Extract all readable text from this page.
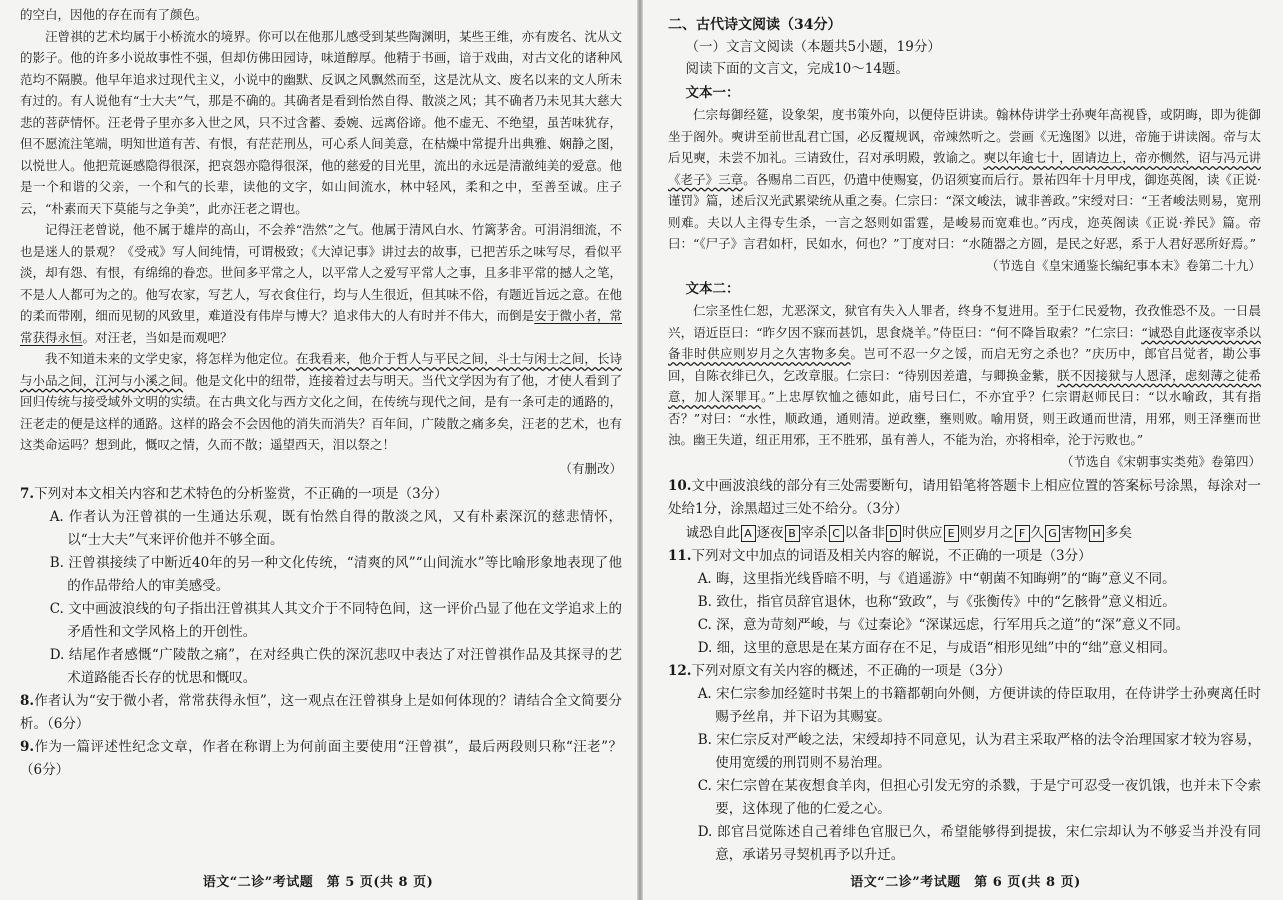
的空白，因他的存在而有了颜色。

汪曾祺的艺术均属于小桥流水的境界。你可以在他那儿感受到某些陶渊明，某些王维，亦有废名、沈从文的影子。他的许多小说故事性不强，但却仿佛田园诗，味道醇厚。他精于书画，谙于戏曲，对古文化的诸种风范均不隔膜。他早年追求过现代主义，小说中的幽默、反讽之风飘然而至，这是沈从文、废名以来的文人所未有过的。有人说他有“士大夫”气，那是不确的。其确者是看到怡然自得、散淡之风；其不确者乃未见其大慈大悲的菩萨情怀。汪老骨子里亦多入世之风，只不过含蓄、委婉、远离俗谛。他不虚无、不绝望，虽苦味犹存，但不愿流注笔端，明知世道有苦、有恨，有茫茫刑丛，可心系人间美意，在枯燥中常提升出典雅、娴静之图，以悦世人。他把荒诞感隐得很深，把哀怨亦隐得很深，他的慈爱的目光里，流出的永远是清澈纯美的爱意。他是一个和谐的父亲，一个和气的长辈，读他的文字，如山间流水，林中轻风，柔和之中，至善至诚。庄子云，“朴素而天下莫能与之争美”，此亦汪老之谓也。

记得汪老曾说，他不属于雄岸的高山，不会养“浩然”之气。他属于清风白水、竹篱茅舍。可涓涓细流，不也是迷人的景观？《受戒》写人间纯情，可谓极致；《大淖记事》讲过去的故事，已把苦乐之味写尽，看似平淡，却有怨、有恨，有绵绵的眷恋。世间多平常之人，以平常人之爱写平常人之事，且多非平常的撼人之笔，不是人人都可为之的。他写农家，写艺人，写衣食住行，均与人生很近，但其味不俗，有题近旨远之意。在他的柔而带刚，细而见韧的风致里，难道没有伟岸与博大？追求伟大的人有时并不伟大，而倒是安于微小者，常常获得永恒。对汪老，当如是而观吧？

我不知道未来的文学史家，将怎样为他定位。在我看来，他介于哲人与平民之间，斗士与闲士之间，长诗与小品之间，江河与小溪之间。他是文化中的纽带，连接着过去与明天。当代文学因为有了他，才使人看到了回归传统与接受域外文明的实绩。在古典文化与西方文化之间，在传统与现代之间，是有一条可走的通路的，汪老走的便是这样的通路。这样的路会不会因他的消失而消失？百年间，广陵散之痛多矣，汪老的艺术，也有这类命运吗？想到此，慨叹之情，久而不散；遥望西天，泪以祭之！

（有删改）

7.下列对本文相关内容和艺术特色的分析鉴赏，不正确的一项是（3分）

A. 作者认为汪曾祺的一生通达乐观，既有怡然自得的散淡之风，又有朴素深沉的慈悲情怀，以“士大夫”气来评价他并不够全面。

B. 汪曾祺接续了中断近40年的另一种文化传统，“清爽的风”“山间流水”等比喻形象地表现了他的作品带给人的审美感受。

C. 文中画波浪线的句子指出汪曾祺其人其文介于不同特色间，这一评价凸显了他在文学追求上的矛盾性和文学风格上的开创性。

D. 结尾作者感慨“广陵散之痛”，在对经典亡佚的深沉悲叹中表达了对汪曾祺作品及其探寻的艺术道路能否长存的忧思和慨叹。

8.作者认为“安于微小者，常常获得永恒”，这一观点在汪曾祺身上是如何体现的？请结合全文简要分析。（6分）

9.作为一篇评述性纪念文章，作者在称谓上为何前面主要使用“汪曾祺”，最后两段则只称“汪老”？（6分）

语文“二诊”考试题　第 5 页(共 8 页)

二、古代诗文阅读（34分）

（一）文言文阅读（本题共5小题，19分）

阅读下面的文言文，完成10～14题。

文本一：

仁宗每御经筵，设象架，度书策外向，以便侍臣讲读。翰林侍讲学士孙奭年高视昏，或阴晦，即为徙御坐于阁外。奭讲至前世乱君亡国，必反覆规讽，帝竦然听之。尝画《无逸图》以进，帝施于讲读阁。帝与太后见奭，未尝不加礼。三请致仕，召对承明殿，敦谕之。奭以年逾七十，固请边上，帝亦恻然，诏与冯元讲《老子》三章。各赐帛二百匹，仍遣中使赐宴，仍诏须宴而后行。景祐四年十月甲戌，御迩英阁，读《正说·谨罚》篇，述后汉光武累梁统从重之奏。仁宗曰：“深文峻法，诚非善政。”宋绶对曰：“王者峻法则易，宽刑则难。夫以人主得专生杀，一言之怒则如雷霆，是峻易而宽难也。”丙戌，迩英阁读《正说·养民》篇。帝曰：“《尸子》言君如杆，民如水，何也？”丁度对曰：“水随器之方圆，是民之好恶，系于人君好恶所好焉。”

（节选自《皇宋通鉴长编纪事本末》卷第二十九）

文本二：

仁宗圣性仁恕，尤恶深文，狱官有失入人罪者，终身不复进用。至于仁民爱物，孜孜惟恐不及。一日晨兴，语近臣曰：“昨夕因不寐而甚饥，思食烧羊。”侍臣曰：“何不降旨取索？”仁宗曰：“诚恐自此逐夜宰杀以备非时供应则岁月之久害物多矣。岂可不忍一夕之馁，而启无穷之杀也？”庆历中，郎官吕觉者，勘公事回，自陈衣绯已久，乞改章服。仁宗曰：“待别因差遣，与卿换金紫，朕不因接狱与人恩泽，虑刻薄之徒希意，加人深罪耳。”上忠厚钦恤之德如此，庙号曰仁，不亦宜乎？仁宗谓赵师民曰：“以水喻政，其有指否？”对曰：“水性，顺政通，通则清。逆政壅，壅则败。喻用贤，则王政通而世清，用邪，则王泽壅而世浊。幽王失道，纽正用邪，王不胜邪，虽有善人，不能为治，亦将相牵，沦于污败也。”

（节选自《宋朝事实类苑》卷第四）

10.文中画波浪线的部分有三处需要断句，请用铅笔将答题卡上相应位置的答案标号涂黑，每涂对一处给1分，涂黑超过三处不给分。（3分）

诚恐自此 A 逐夜 B 宰杀 C 以备非 D 时供应 E 则岁月之 F 久 G 害物 H 多矣

11.下列对文中加点的词语及相关内容的解说，不正确的一项是（3分）

A. 晦，这里指光线昏暗不明，与《逍遥游》中“朝菌不知晦朔”的“晦”意义不同。

B. 致仕，指官员辞官退休，也称“致政”，与《张衡传》中的“乞骸骨”意义相近。

C. 深，意为苛刻严峻，与《过秦论》“深谋远虑，行军用兵之道”的“深”意义不同。

D. 细，这里的意思是在某方面存在不足，与成语“相形见绌”中的“绌”意义相同。

12.下列对原文有关内容的概述，不正确的一项是（3分）

A. 宋仁宗参加经筵时书架上的书籍都朝向外侧，方便讲读的侍臣取用，在侍讲学士孙奭离任时赐予丝帛，并下诏为其赐宴。

B. 宋仁宗反对严峻之法，宋绶却持不同意见，认为君主采取严格的法令治理国家才较为容易，使用宽缓的刑罚则不易治理。

C. 宋仁宗曾在某夜想食羊肉，但担心引发无穷的杀戮，于是宁可忍受一夜饥饿，也并未下令索要，这体现了他的仁爱之心。

D. 郎官吕觉陈述自己着绯色官服已久，希望能够得到提拔，宋仁宗却认为不够妥当并没有同意，承诺另寻契机再予以升迁。

语文“二诊”考试题　第 6 页(共 8 页)
